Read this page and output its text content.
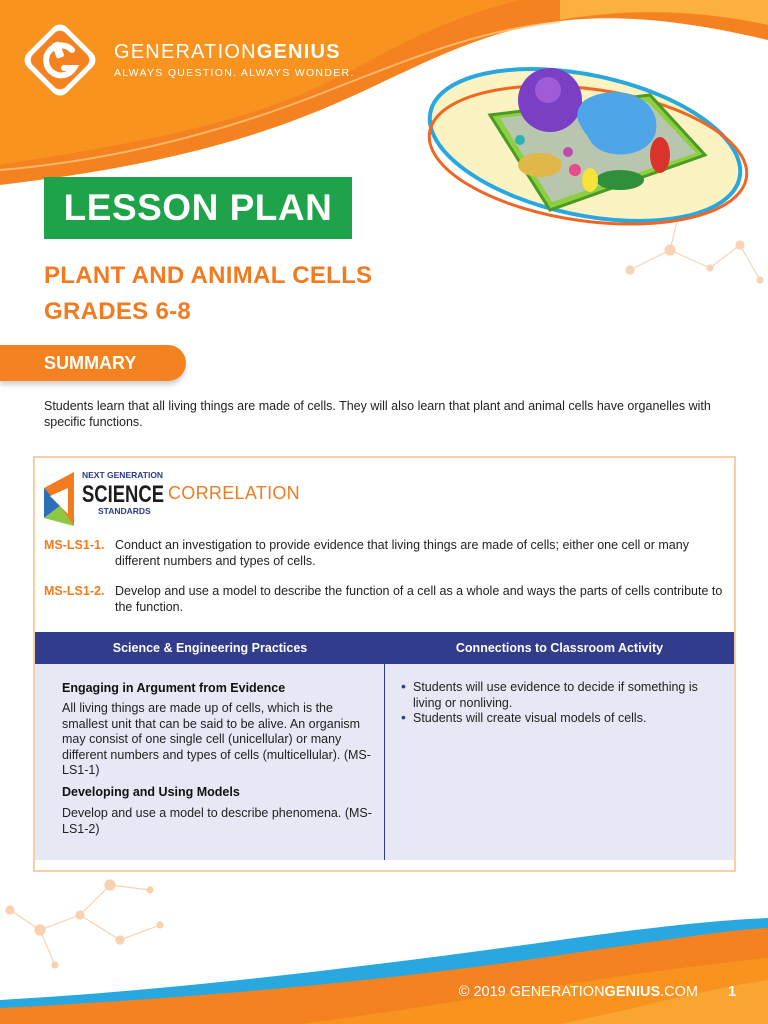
GENERATIONGENIUS
ALWAYS QUESTION. ALWAYS WONDER.
LESSON PLAN
PLANT AND ANIMAL CELLS
GRADES 6-8
SUMMARY
Students learn that all living things are made of cells. They will also learn that plant and animal cells have organelles with specific functions.
NEXT GENERATION
SCIENCE
STANDARDS
CORRELATION
MS-LS1-1. Conduct an investigation to provide evidence that living things are made of cells; either one cell or many different numbers and types of cells.
MS-LS1-2. Develop and use a model to describe the function of a cell as a whole and ways the parts of cells contribute to the function.
Science & Engineering Practices	Connections to Classroom Activity
Engaging in Argument from Evidence
All living things are made up of cells, which is the smallest unit that can be said to be alive. An organism may consist of one single cell (unicellular) or many different numbers and types of cells (multicellular). (MS-LS1-1)
Developing and Using Models
Develop and use a model to describe phenomena. (MS-LS1-2)
• Students will use evidence to decide if something is living or nonliving.
• Students will create visual models of cells.
© 2019 GENERATIONGENIUS.COM 1
